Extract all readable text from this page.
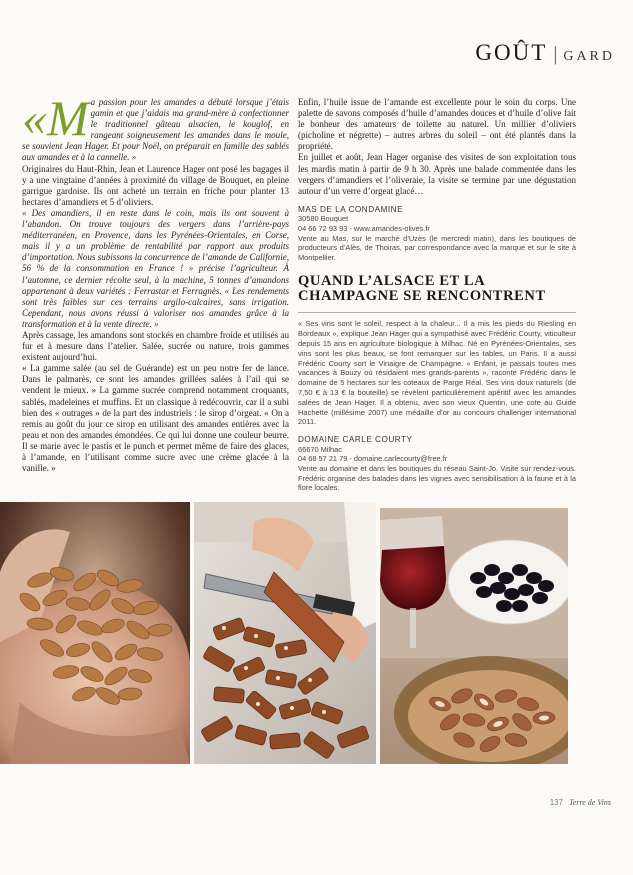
GOÛT | GARD

«M a passion pour les amandes a débuté lorsque j’étais gamin et que j’aidais ma grand-mère à confectionner le traditionnel gâteau alsacien, le kouglof, en rangeant soigneusement les amandes dans le moule, se souvient Jean Hager. Et pour Noël, on préparait en famille des sablés aux amandes et à la cannelle. »

Originaires du Haut-Rhin, Jean et Laurence Hager ont posé les bagages il y a une vingtaine d’années à proximité du village de Bouquet, en pleine garrigue gardoise. Ils ont acheté un terrain en friche pour planter 13 hectares d’amandiers et 5 d’oliviers.

« Des amandiers, il en reste dans le coin, mais ils ont souvent à l’abandon. On trouve toujours des vergers dans l’arrière-pays méditerranéen, en Provence, dans les Pyrénées-Orientales, en Corse, mais il y a un problème de rentabilité par rapport aux produits d’importation. Nous subissons la concurrence de l’amande de Californie, 56 % de la consommation en France ! » précise l’agriculteur. À l’automne, ce dernier récolte seul, à la machine, 5 tonnes d’amandons appartenant à deux variétés : Ferrastar et Ferragnès. « Les rendements sont très faibles sur ces terrains argilo-calcaires, sans irrigation. Cependant, nous avons réussi à valoriser nos amandes grâce à la transformation et à la vente directe. »

Après cassage, les amandons sont stockés en chambre froide et utilisés au fur et à mesure dans l’atelier. Salée, sucrée ou nature, trois gammes existent aujourd’hui.

« La gamme salée (au sel de Guérande) est un peu notre fer de lance. Dans le palmarès, ce sont les amandes grillées salées à l’ail qui se vendent le mieux. » La gamme sucrée comprend notamment croquants, sablés, madeleines et muffins. Et un classique à redécouvrir, car il a subi bien des « outrages » de la part des industriels : le sirop d’orgeat. « On a remis au goût du jour ce sirop en utilisant des amandes entières avec la peau et non des amandes émondées. Ce qui lui donne une couleur beurre. Il se marie avec le pastis et le punch et permet même de faire des glaces, à l’amande, en l’utilisant comme sucre avec une crème glacée à la vanille. »

Enfin, l’huile issue de l’amande est excellente pour le soin du corps. Une palette de savons composés d’huile d’amandes douces et d’huile d’olive fait le bonheur des amateurs de toilette au naturel. Un millier d’oliviers (picholine et négrette) – autres arbres du soleil – ont été plantés dans la propriété.

En juillet et août, Jean Hager organise des visites de son exploitation tous les mardis matin à partir de 9 h 30. Après une balade commentée dans les vergers d’amandiers et l’oliveraie, la visite se termine par une dégustation autour d’un verre d’orgeat glacé…

MAS DE LA CONDAMINE
30580 Bouquet
04 66 72 93 93 - www.amandes-olives.fr
Vente au Mas, sur le marché d’Uzès (le mercredi matin), dans les boutiques de producteurs d’Alès, de Thoiras, par correspondance avec la marque et sur le site à Montpellier.
QUAND L’ALSACE ET LA CHAMPAGNE SE RENCONTRENT

« Ses vins sont le soleil, respect à la chaleur... Il a mis les pieds du Riesling en Bordeaux », explique Jean Hager qui a sympathisé avec Frédéric Courty, viticulteur depuis 15 ans en agriculture biologique à Milhac. Né en Pyrénées-Orientales, ses vins sont les plus beaux, se font remarquer sur les tables, un Paris. Il a aussi Frédéric Courty sort le Vinaigre de Champagne. « Enfant, je passais toutes mes vacances à Bouzy où résidaient mes grands-parents », raconte Frédéric dans le domaine de 5 hectares sur les coteaux de Parge Réal. Ses vins doux naturels (de 7,50 € à 13 € la bouteille) se révèlent particulièrement apéritif avec les amandes salées de Jean Hager. Il a obtenu, avec son vieux Quentin, une cote au Guide Hachette (millésime 2007) une médaille d’or au concours challenger international 2011.

DOMAINE CARLE COURTY
66670 Milhac
04 68 57 21 79 - domaine.carlecourty@free.fr
Vente au domaine et dans les boutiques du réseau Saint-Jo. Visite sur rendez-vous. Frédéric organise des balades dans les vignes avec sensibilisation à la faune et à la flore locales.
137 Terre de Vins
